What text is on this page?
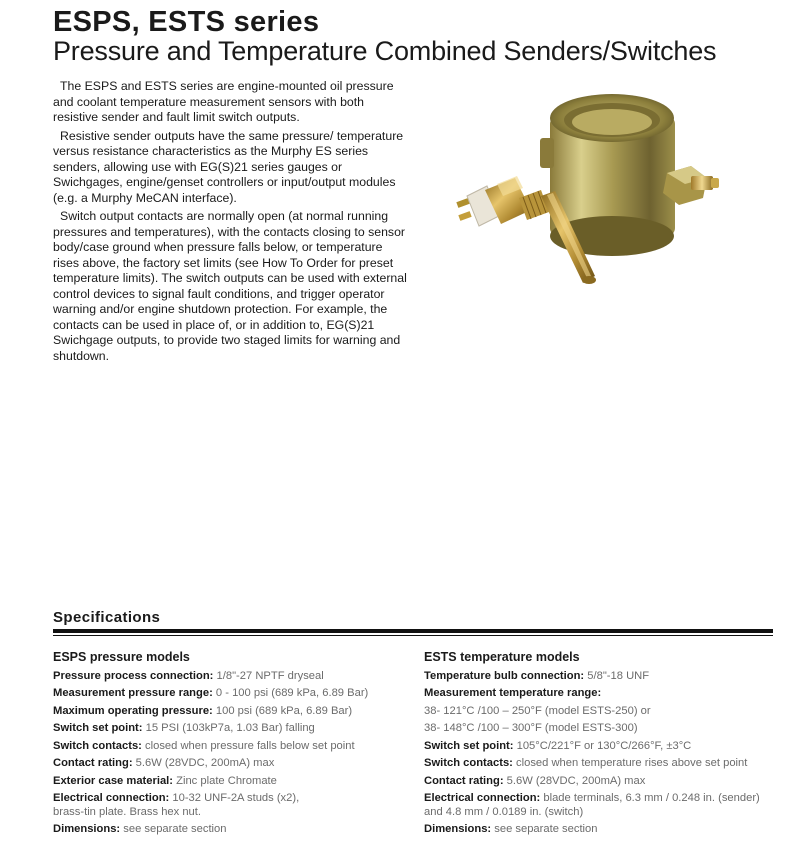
ESPS, ESTS series
Pressure and Temperature Combined Senders/Switches

The ESPS and ESTS series are engine-mounted oil pressure and coolant temperature measurement sensors with both resistive sender and fault limit switch outputs.

Resistive sender outputs have the same pressure/ temperature versus resistance characteristics as the Murphy ES series senders, allowing use with EG(S)21 series gauges or Swichgages, engine/genset controllers or input/output modules (e.g. a Murphy MeCAN interface).

Switch output contacts are normally open (at normal running pressures and temperatures), with the contacts closing to sensor body/case ground when pressure falls below, or temperature rises above, the factory set limits (see How To Order for preset temperature limits). The switch outputs can be used with external control devices to signal fault conditions, and trigger operator warning and/or engine shutdown protection. For example, the contacts can be used in place of, or in addition to, EG(S)21 Swichgage outputs, to provide two staged limits for warning and shutdown.

Specifications
ESPS pressure models
Pressure process connection: 1/8"-27 NPTF dryseal
Measurement pressure range: 0 - 100 psi (689 kPa, 6.89 Bar)
Maximum operating pressure: 100 psi (689 kPa, 6.89 Bar)
Switch set point: 15 PSI (103kP7a, 1.03 Bar) falling
Switch contacts: closed when pressure falls below set point
Contact rating: 5.6W (28VDC, 200mA) max
Exterior case material: Zinc plate Chromate
Electrical connection: 10-32 UNF-2A studs (x2), brass-tin plate. Brass hex nut.
Dimensions: see separate section
ESTS temperature models
Temperature bulb connection: 5/8"-18 UNF
Measurement temperature range:
38- 121°C /100 – 250°F (model ESTS-250) or
38- 148°C /100 – 300°F (model ESTS-300)
Switch set point: 105°C/221°F or 130°C/266°F, ±3°C
Switch contacts: closed when temperature rises above set point
Contact rating: 5.6W (28VDC, 200mA) max
Electrical connection: blade terminals, 6.3 mm / 0.248 in. (sender) and 4.8 mm / 0.0189 in. (switch)
Dimensions: see separate section
